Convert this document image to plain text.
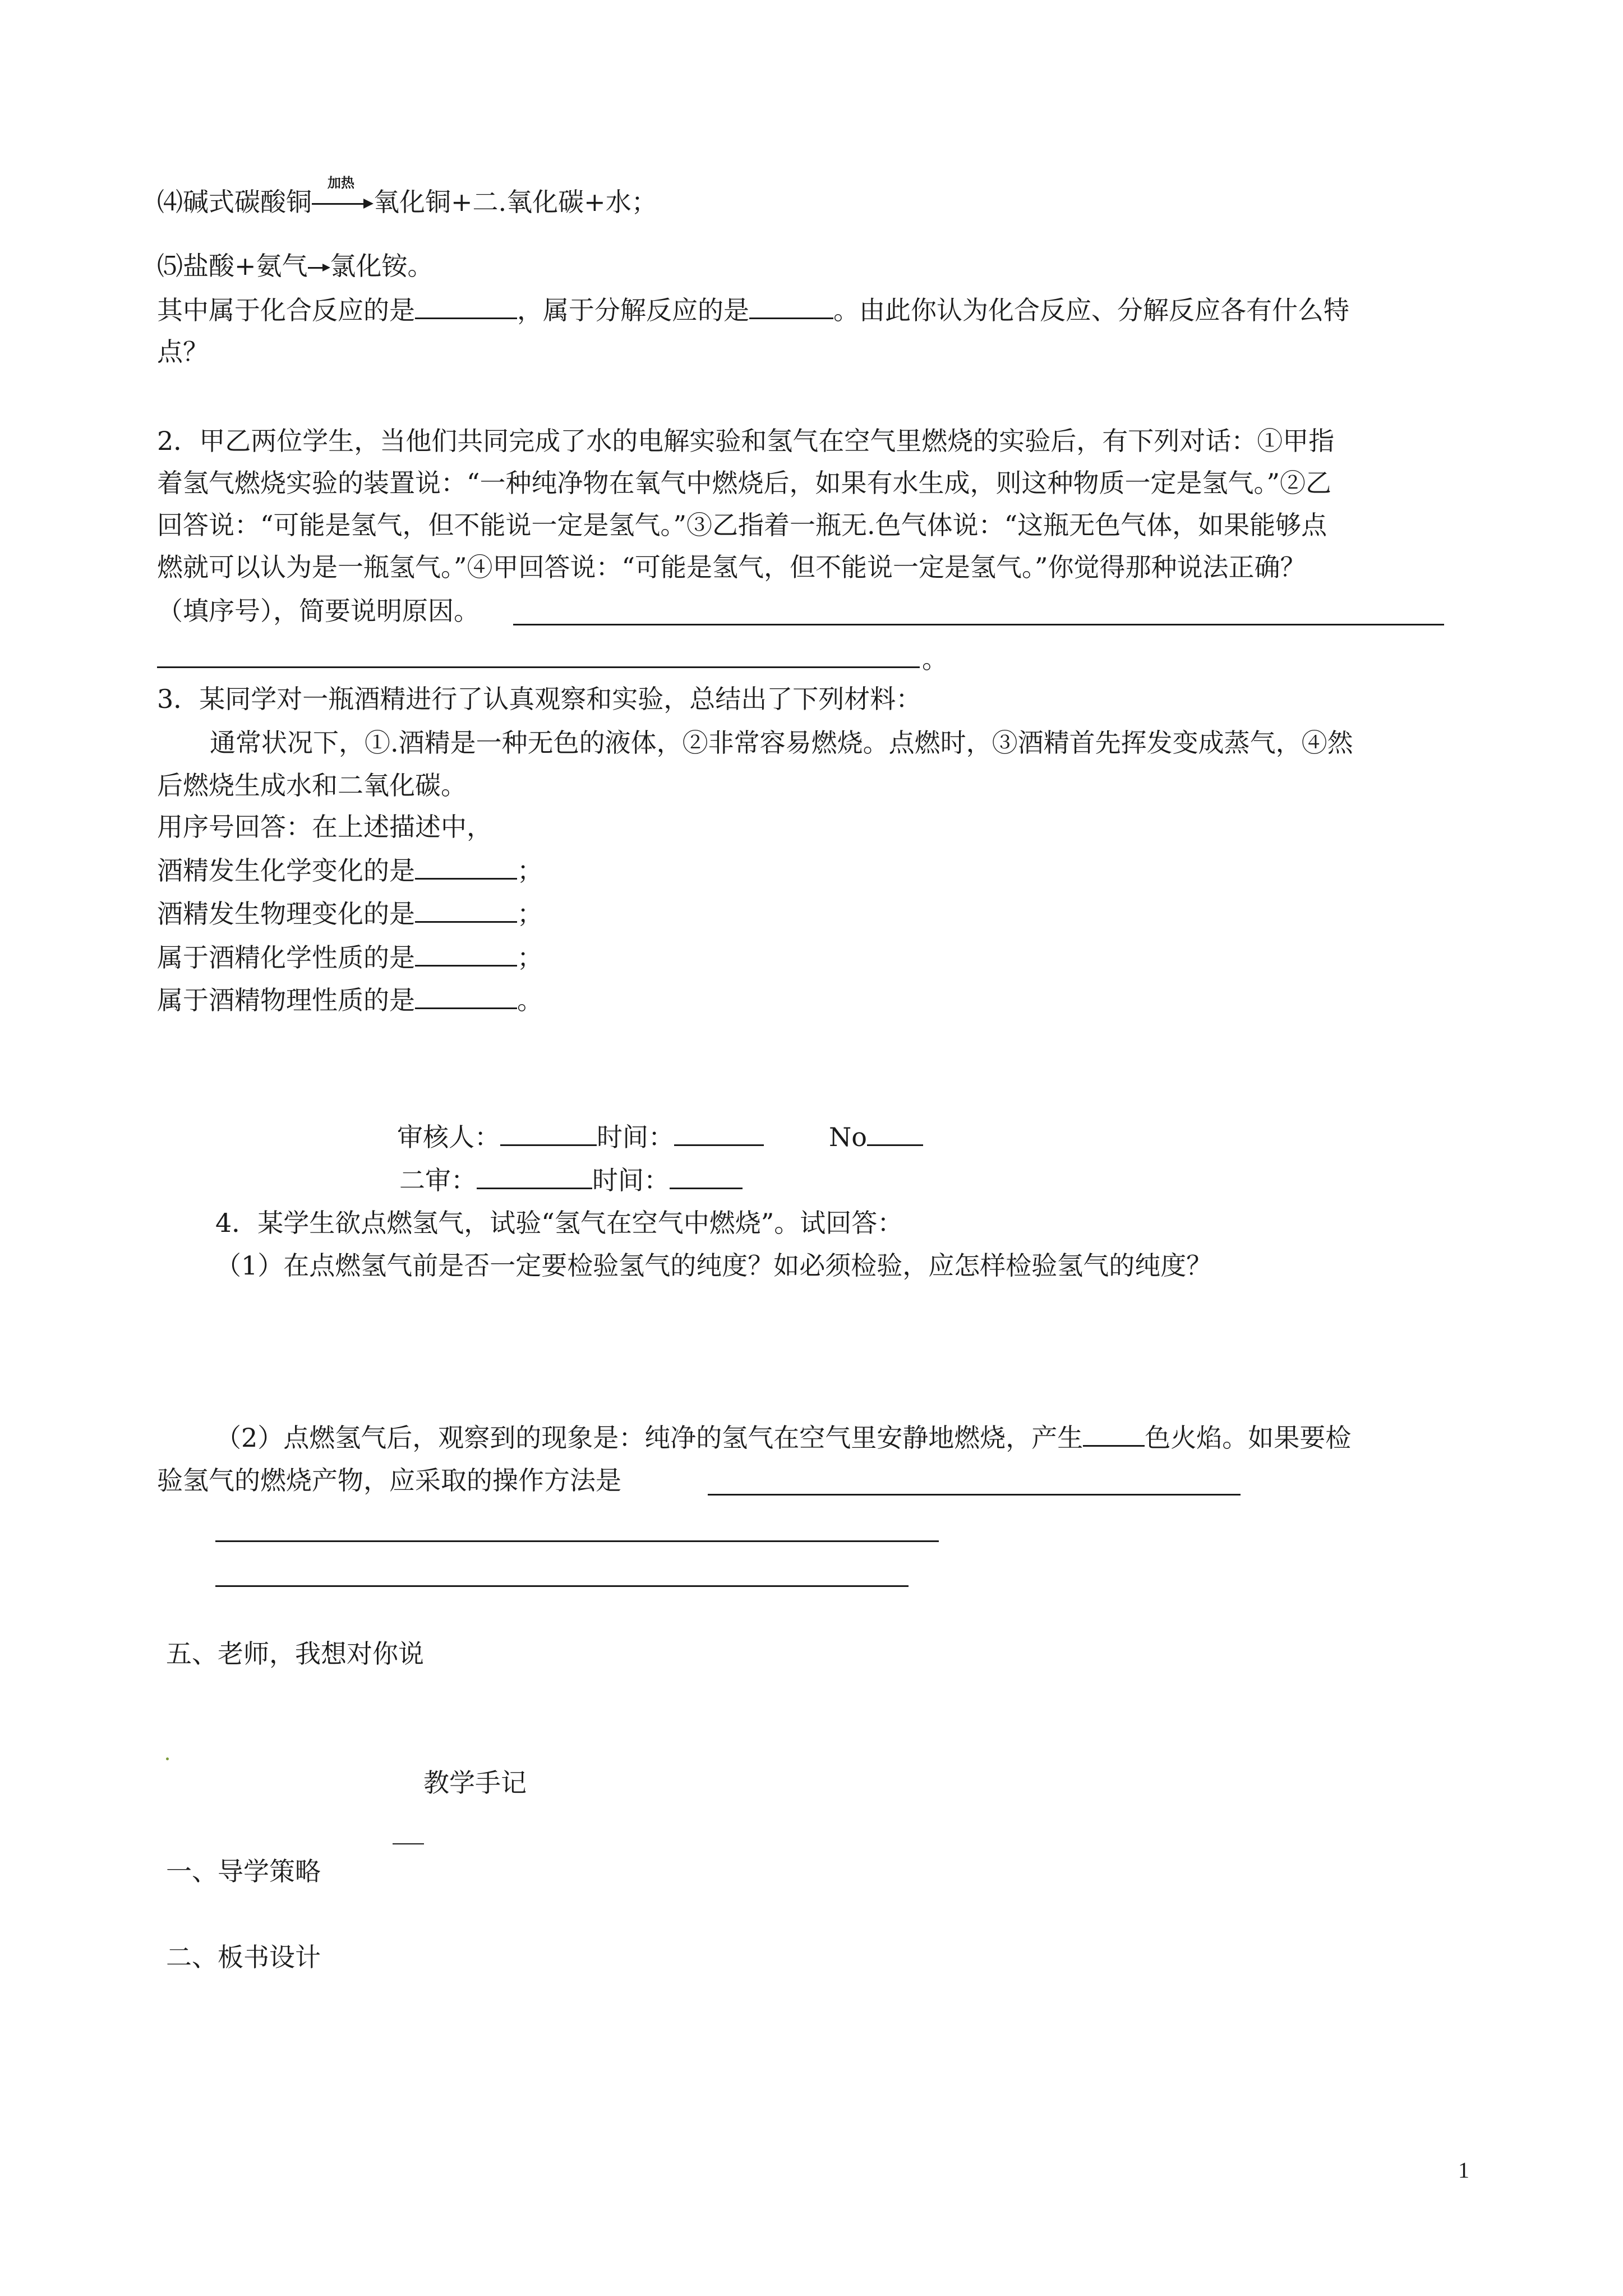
⑷碱式碳酸铜
加热
氧化铜+二.氧化碳+水；
⑸盐酸+氨气 氯化铵。
其中属于化合反应的是	，属于分解反应的是	。由此你认为化合反应、分解反应各有什么特
点？
2．甲乙两位学生，当他们共同完成了水的电解实验和氢气在空气里燃烧的实验后，有下列对话：①甲指
着氢气燃烧实验的装置说：“一种纯净物在氧气中燃烧后，如果有水生成，则这种物质一定是氢气。”②乙
回答说：“可能是氢气，但不能说一定是氢气。”③乙指着一瓶无.色气体说：“这瓶无色气体，如果能够点
燃就可以认为是一瓶氢气。”④甲回答说：“可能是氢气，但不能说一定是氢气。”你觉得那种说法正确？
（填序号），简要说明原因。
。
3．某同学对一瓶酒精进行了认真观察和实验，总结出了下列材料：
通常状况下，①.酒精是一种无色的液体，②非常容易燃烧。点燃时，③酒精首先挥发变成蒸气，④然
后燃烧生成水和二氧化碳。
用序号回答：在上述描述中，
酒精发生化学变化的是	；
酒精发生物理变化的是	；
属于酒精化学性质的是	；
属于酒精物理性质的是	。
审核人：	时间：	No
二审：	时间：
4．某学生欲点燃氢气，试验“氢气在空气中燃烧”。试回答：
（1）在点燃氢气前是否一定要检验氢气的纯度？如必须检验，应怎样检验氢气的纯度？
（2）点燃氢气后，观察到的现象是：纯净的氢气在空气里安静地燃烧，产生 色火焰。如果要检
验氢气的燃烧产物，应采取的操作方法是
五、老师，我想对你说
教学手记
一、导学策略
二、板书设计
1
